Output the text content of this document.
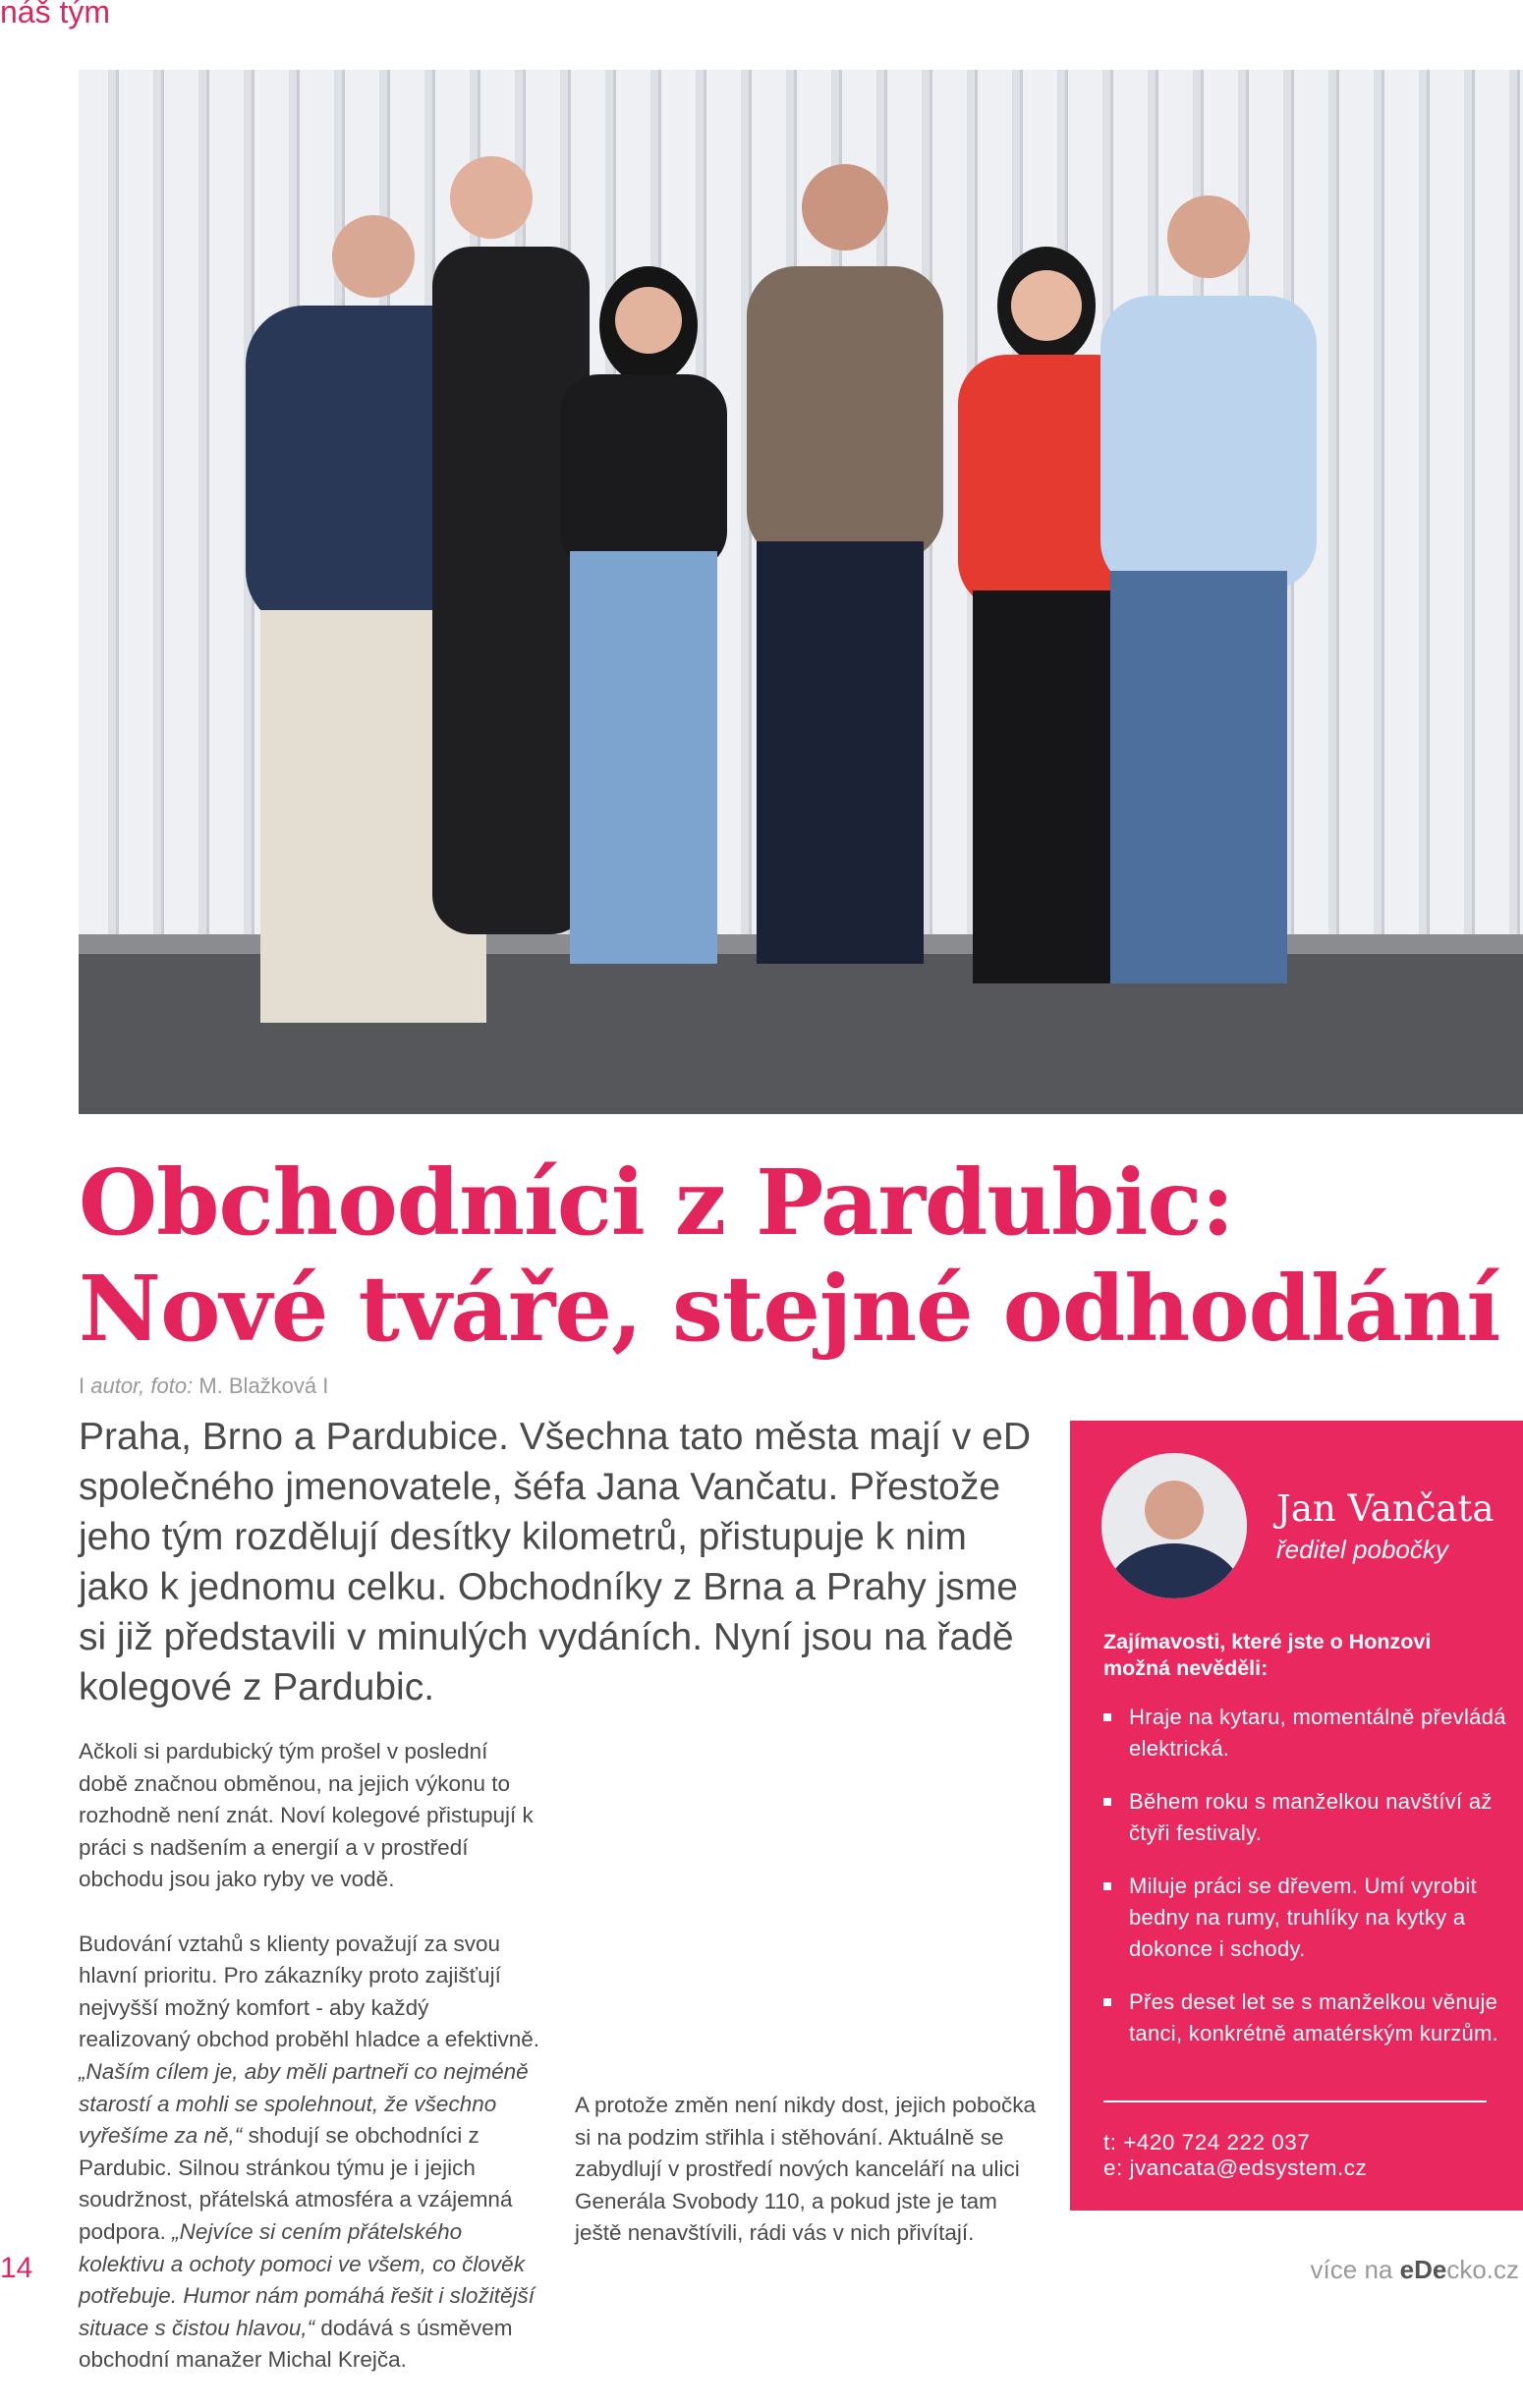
náš tým
Obchodníci z Pardubic:
Nové tváře, stejné odhodlání
I autor, foto: M. Blažková I

Praha, Brno a Pardubice. Všechna tato města mají v eD společného jmenovatele, šéfa Jana Vančatu. Přestože jeho tým rozdělují desítky kilometrů, přistupuje k nim jako k jednomu celku. Obchodníky z Brna a Prahy jsme si již představili v minulých vydáních. Nyní jsou na řadě kolegové z Pardubic.

Ačkoli si pardubický tým prošel v poslední době značnou obměnou, na jejich výkonu to rozhodně není znát. Noví kolegové přistupují k práci s nadšením a energií a v prostředí obchodu jsou jako ryby ve vodě.

Budování vztahů s klienty považují za svou hlavní prioritu. Pro zákazníky proto zajišťují nejvyšší možný komfort - aby každý realizovaný obchod proběhl hladce a efektivně. „Naším cílem je, aby měli partneři co nejméně starostí a mohli se spolehnout, že všechno vyřešíme za ně,“ shodují se obchodníci z Pardubic. Silnou stránkou týmu je i jejich soudržnost, přátelská atmosféra a vzájemná podpora. „Nejvíce si cením přátelského kolektivu a ochoty pomoci ve všem, co člověk potřebuje. Humor nám pomáhá řešit i složitější situace s čistou hlavou,“ dodává s úsměvem obchodní manažer Michal Krejča.

A protože změn není nikdy dost, jejich pobočka si na podzim střihla i stěhování. Aktuálně se zabydlují v prostředí nových kanceláří na ulici Generála Svobody 110, a pokud jste je tam ještě nenavštívili, rádi vás v nich přivítají.

Jan Vančata
ředitel pobočky
Zajímavosti, které jste o Honzovi možná nevěděli:
Hraje na kytaru, momentálně převládá elektrická.
Během roku s manželkou navštíví až čtyři festivaly.
Miluje práci se dřevem. Umí vyrobit bedny na rumy, truhlíky na kytky a dokonce i schody.
Přes deset let se s manželkou věnuje tanci, konkrétně amatérským kurzům.
t: +420 724 222 037
e: jvancata@edsystem.cz
14	více na eDecko.cz
